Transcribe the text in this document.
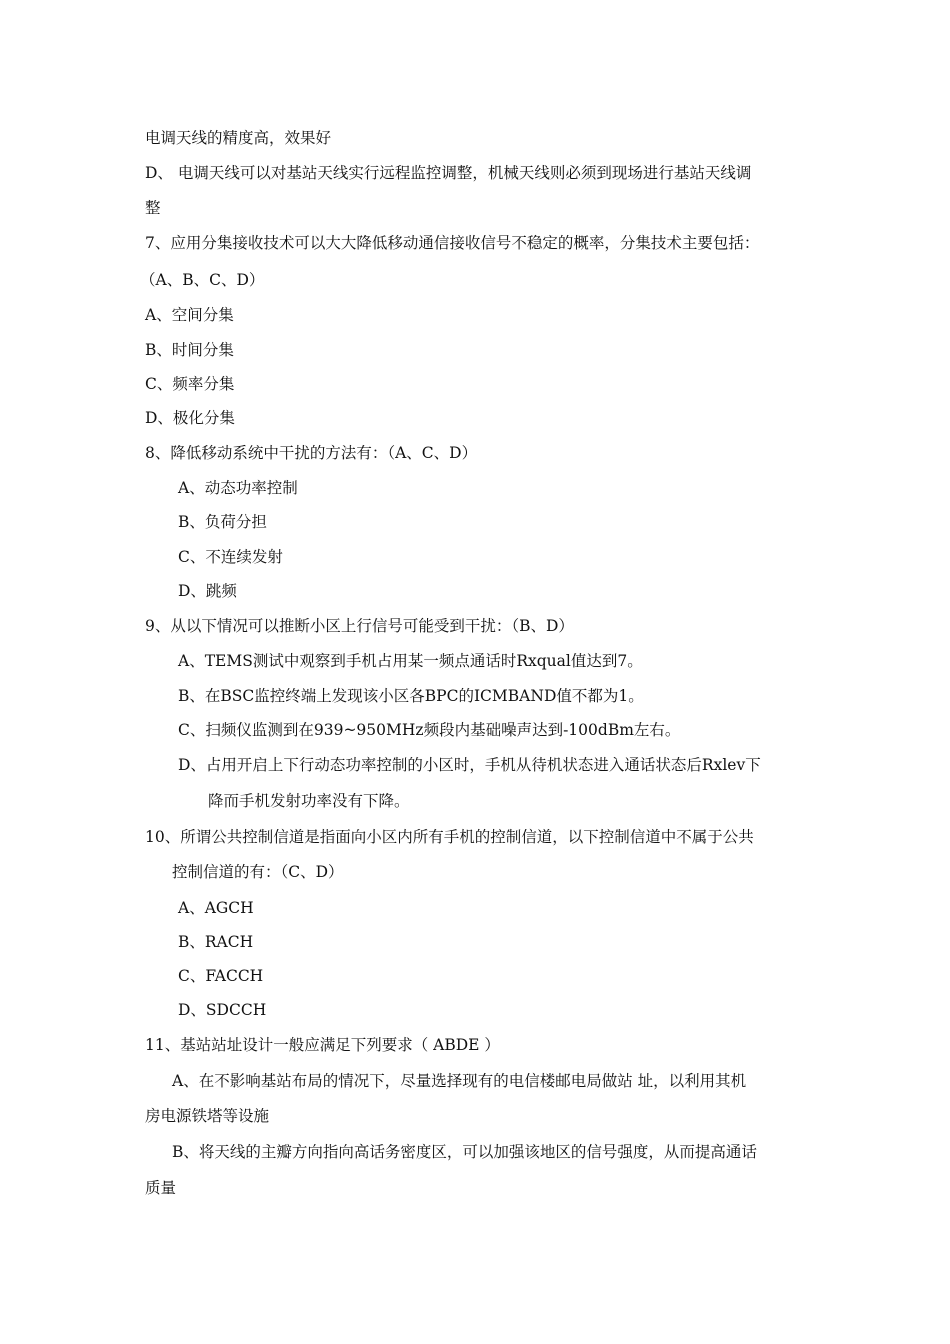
电调天线的精度高，效果好
D、 电调天线可以对基站天线实行远程监控调整，机械天线则必须到现场进行基站天线调
整
7、应用分集接收技术可以大大降低移动通信接收信号不稳定的概率，分集技术主要包括：
（A、B、C、D）
A、空间分集
B、时间分集
C、频率分集
D、极化分集
8、降低移动系统中干扰的方法有：（A、C、D）
A、动态功率控制
B、负荷分担
C、不连续发射
D、跳频
9、从以下情况可以推断小区上行信号可能受到干扰：（B、D）
A、TEMS测试中观察到手机占用某一频点通话时Rxqual值达到7。
B、在BSC监控终端上发现该小区各BPC的ICMBAND值不都为1。
C、扫频仪监测到在939~950MHz频段内基础噪声达到-100dBm左右。
D、占用开启上下行动态功率控制的小区时，手机从待机状态进入通话状态后Rxlev下
降而手机发射功率没有下降。
10、所谓公共控制信道是指面向小区内所有手机的控制信道，以下控制信道中不属于公共
控制信道的有：（C、D）
A、AGCH
B、RACH
C、FACCH
D、SDCCH
11、基站站址设计一般应满足下列要求（ ABDE ）
A、在不影响基站布局的情况下，尽量选择现有的电信楼邮电局做站 址，以利用其机
房电源铁塔等设施
B、将天线的主瓣方向指向高话务密度区，可以加强该地区的信号强度，从而提高通话
质量
